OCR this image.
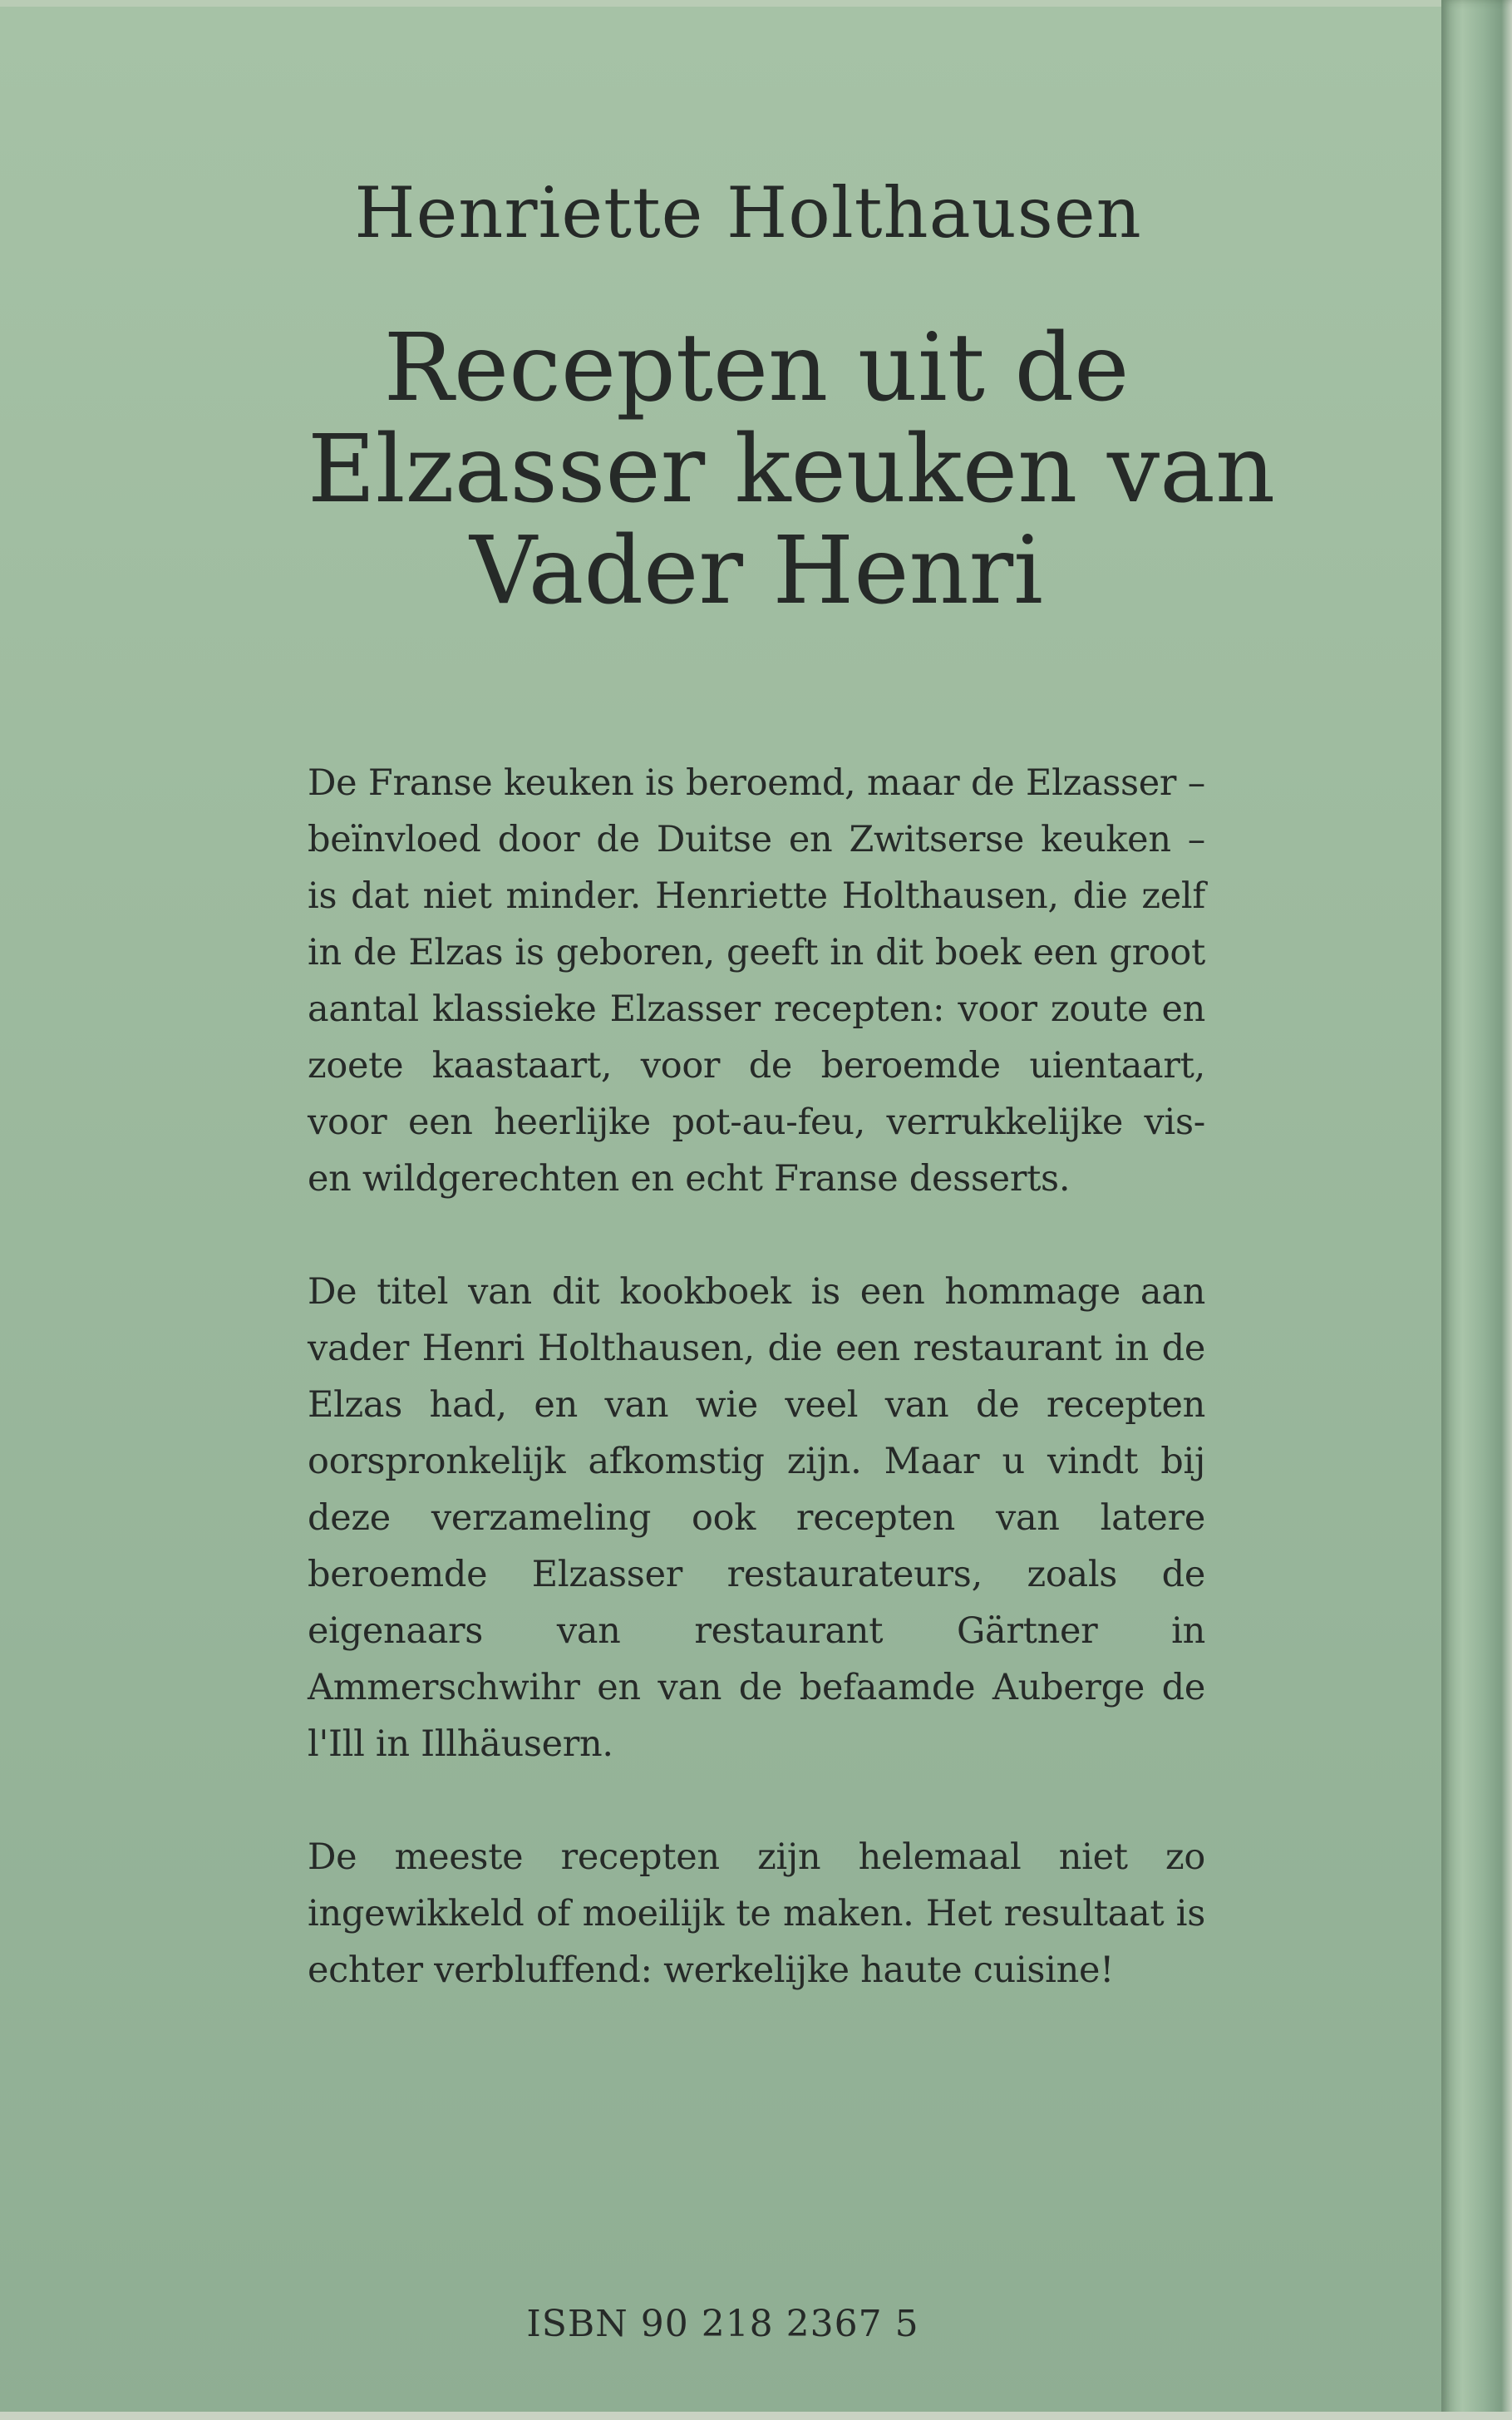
Henriette Holthausen
Recepten uit de
Elzasser keuken van
Vader Henri

De Franse keuken is beroemd, maar de Elzasser – beïnvloed door de Duitse en Zwitserse keuken – is dat niet minder. Henriette Holthausen, die zelf in de Elzas is geboren, geeft in dit boek een groot aantal klassieke Elzasser recepten: voor zoute en zoete kaastaart, voor de beroemde uientaart, voor een heerlijke pot-au-feu, verrukkelijke vis- en wildgerechten en echt Franse desserts.

De titel van dit kookboek is een hommage aan vader Henri Holthausen, die een restaurant in de Elzas had, en van wie veel van de recepten oorspronkelijk afkomstig zijn. Maar u vindt bij deze verzameling ook recepten van latere beroemde Elzasser restaurateurs, zoals de eigenaars van restaurant Gärtner in Ammerschwihr en van de befaamde Auberge de l'Ill in Illhäusern.

De meeste recepten zijn helemaal niet zo ingewikkeld of moeilijk te maken. Het resultaat is echter verbluffend: werkelijke haute cuisine!

ISBN 90 218 2367 5
